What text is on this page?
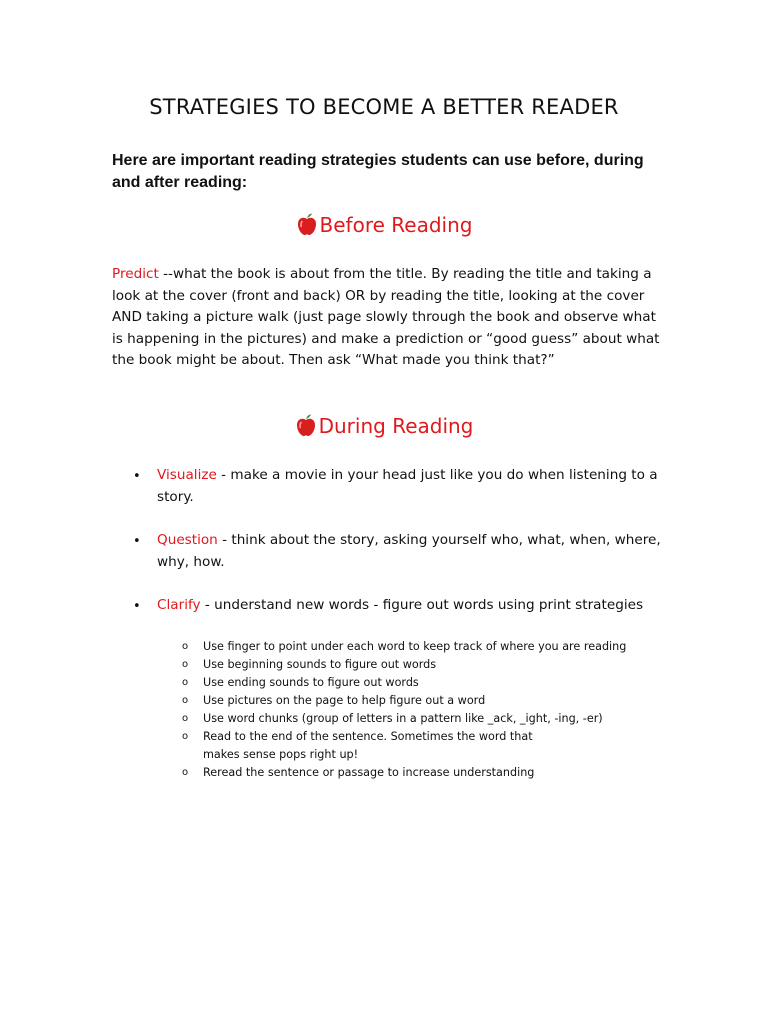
STRATEGIES TO BECOME A BETTER READER

Here are important reading strategies students can use before, during and after reading:

Before Reading

Predict --what the book is about from the title. By reading the title and taking a look at the cover (front and back) OR by reading the title, looking at the cover AND taking a picture walk (just page slowly through the book and observe what is happening in the pictures) and make a prediction or “good guess” about what the book might be about. Then ask “What made you think that?”

During Reading

• Visualize - make a movie in your head just like you do when listening to a story.

• Question - think about the story, asking yourself who, what, when, where, why, how.

• Clarify - understand new words - figure out words using print strategies

o Use finger to point under each word to keep track of where you are reading

o Use beginning sounds to figure out words

o Use ending sounds to figure out words

o Use pictures on the page to help figure out a word

o Use word chunks (group of letters in a pattern like _ack, _ight, -ing, -er)

o Read to the end of the sentence. Sometimes the word that

makes sense pops right up!

o Reread the sentence or passage to increase understanding
